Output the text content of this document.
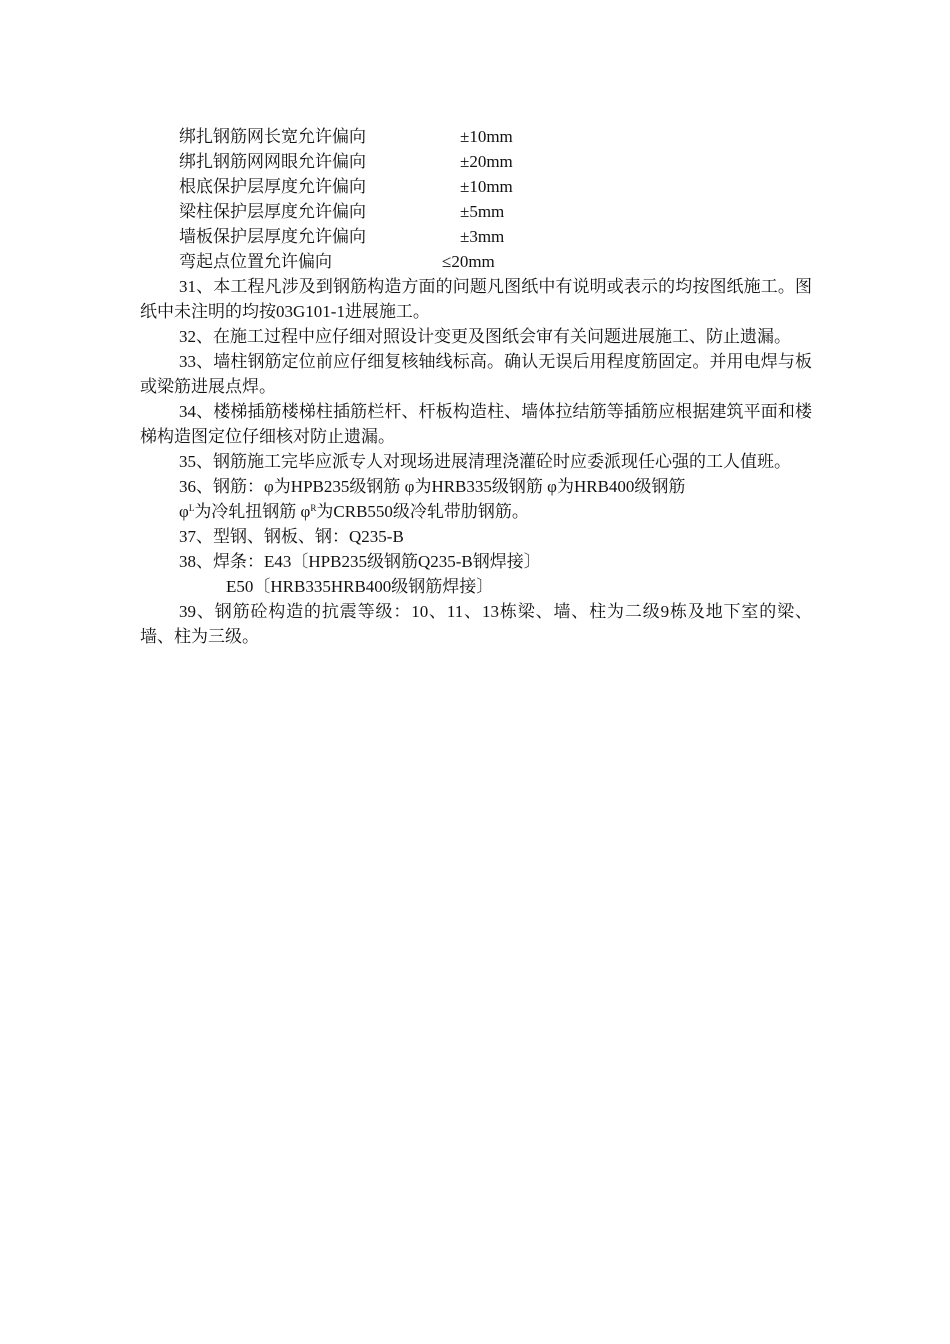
绑扎钢筋网长宽允许偏向	±10mm
绑扎钢筋网网眼允许偏向	±20mm
根底保护层厚度允许偏向	±10mm
梁柱保护层厚度允许偏向	±5mm
墙板保护层厚度允许偏向	±3mm
弯起点位置允许偏向	≤20mm

31、本工程凡涉及到钢筋构造方面的问题凡图纸中有说明或表示的均按图纸施工。图纸中未注明的均按03G101-1进展施工。

32、在施工过程中应仔细对照设计变更及图纸会审有关问题进展施工、防止遗漏。

33、墙柱钢筋定位前应仔细复核轴线标高。确认无误后用程度筋固定。并用电焊与板或梁筋进展点焊。

34、楼梯插筋楼梯柱插筋栏杆、杆板构造柱、墙体拉结筋等插筋应根据建筑平面和楼梯构造图定位仔细核对防止遗漏。

35、钢筋施工完毕应派专人对现场进展清理浇灌砼时应委派现任心强的工人值班。

36、钢筋：φ为HPB235级钢筋 φ为HRB335级钢筋 φ为HRB400级钢筋

$\varphi^L$为冷轧扭钢筋 $\varphi^R$为CRB550级冷轧带肋钢筋。

37、型钢、钢板、钢：Q235-B

38、焊条：E43〔HPB235级钢筋Q235-B钢焊接〕

E50〔HRB335HRB400级钢筋焊接〕

39、钢筋砼构造的抗震等级：10、11、13栋梁、墙、柱为二级9栋及地下室的梁、墙、柱为三级。
